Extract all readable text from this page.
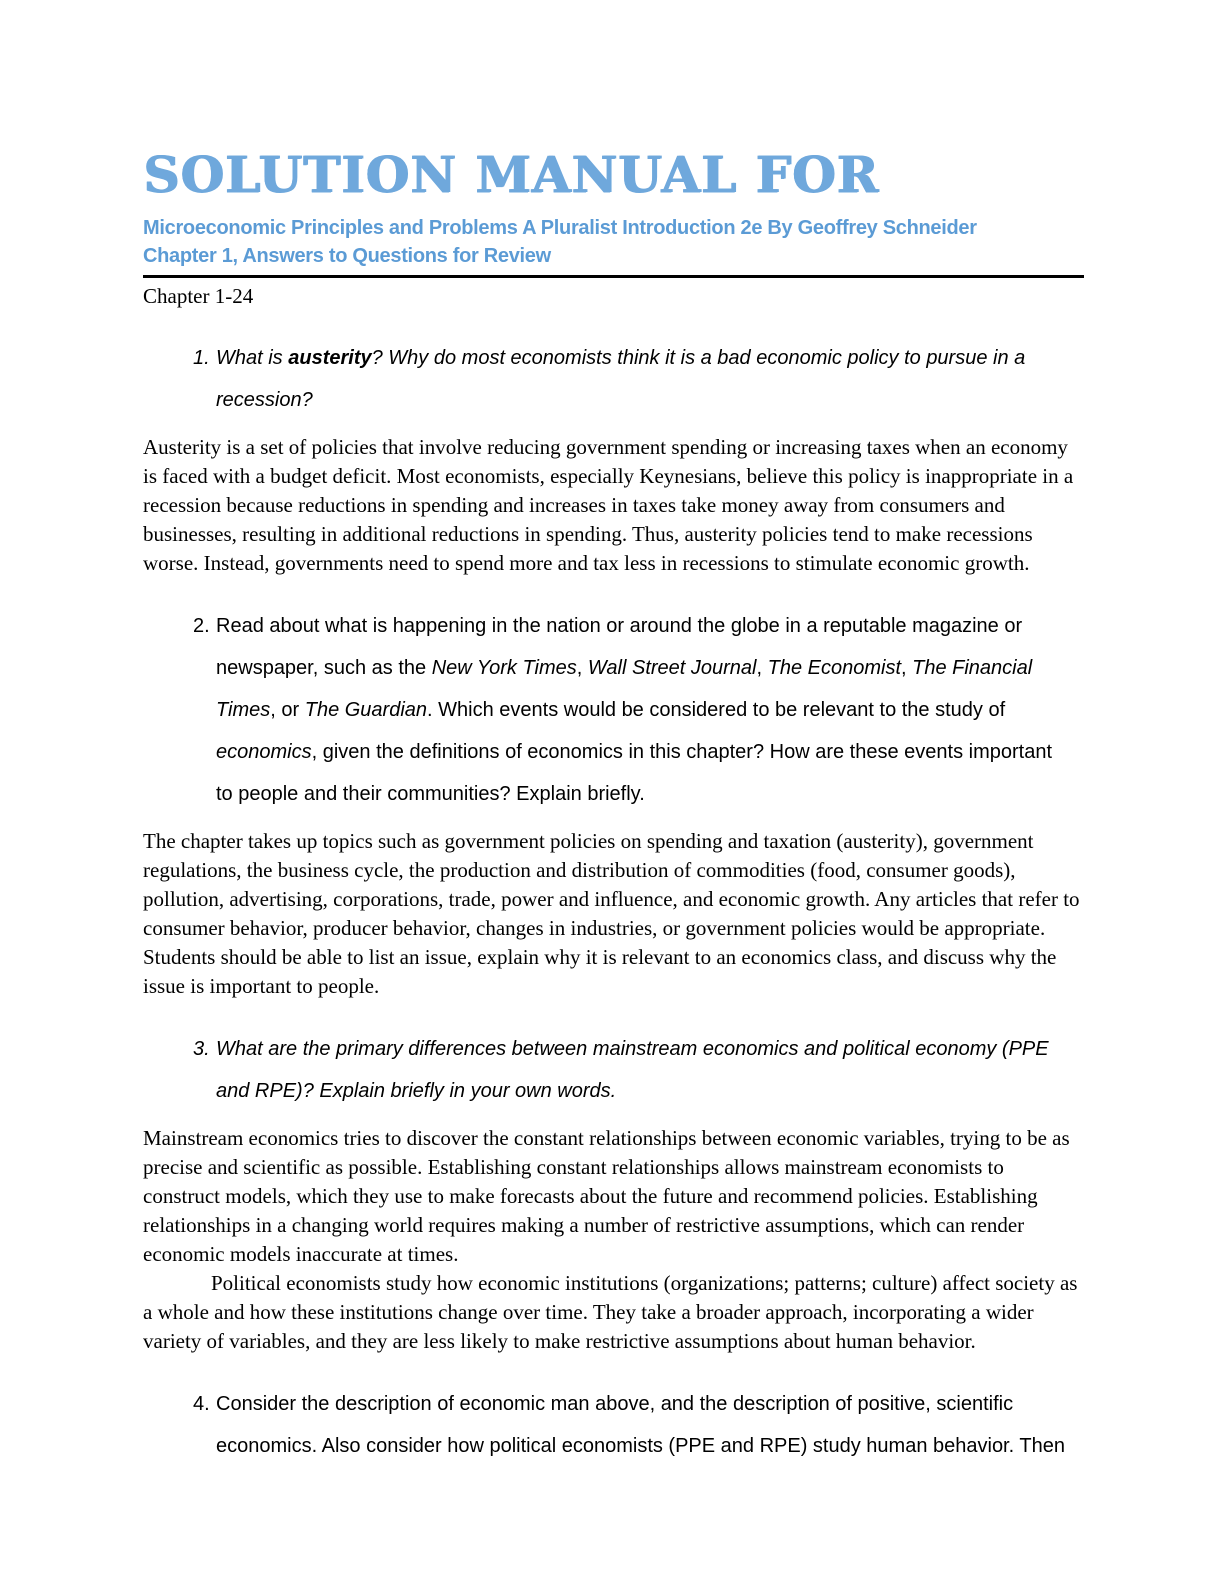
SOLUTION MANUAL FOR
Microeconomic Principles and Problems A Pluralist Introduction 2e By Geoffrey Schneider
Chapter 1, Answers to Questions for Review
Chapter 1-24
1. What is austerity? Why do most economists think it is a bad economic policy to pursue in a recession?

Austerity is a set of policies that involve reducing government spending or increasing taxes when an economy is faced with a budget deficit. Most economists, especially Keynesians, believe this policy is inappropriate in a recession because reductions in spending and increases in taxes take money away from consumers and businesses, resulting in additional reductions in spending. Thus, austerity policies tend to make recessions worse. Instead, governments need to spend more and tax less in recessions to stimulate economic growth.

2. Read about what is happening in the nation or around the globe in a reputable magazine or newspaper, such as the New York Times, Wall Street Journal, The Economist, The Financial Times, or The Guardian. Which events would be considered to be relevant to the study of economics, given the definitions of economics in this chapter? How are these events important to people and their communities? Explain briefly.

The chapter takes up topics such as government policies on spending and taxation (austerity), government regulations, the business cycle, the production and distribution of commodities (food, consumer goods), pollution, advertising, corporations, trade, power and influence, and economic growth. Any articles that refer to consumer behavior, producer behavior, changes in industries, or government policies would be appropriate. Students should be able to list an issue, explain why it is relevant to an economics class, and discuss why the issue is important to people.

3. What are the primary differences between mainstream economics and political economy (PPE and RPE)? Explain briefly in your own words.

Mainstream economics tries to discover the constant relationships between economic variables, trying to be as precise and scientific as possible. Establishing constant relationships allows mainstream economists to construct models, which they use to make forecasts about the future and recommend policies. Establishing relationships in a changing world requires making a number of restrictive assumptions, which can render economic models inaccurate at times.

Political economists study how economic institutions (organizations; patterns; culture) affect society as a whole and how these institutions change over time. They take a broader approach, incorporating a wider variety of variables, and they are less likely to make restrictive assumptions about human behavior.

4. Consider the description of economic man above, and the description of positive, scientific economics. Also consider how political economists (PPE and RPE) study human behavior. Then
